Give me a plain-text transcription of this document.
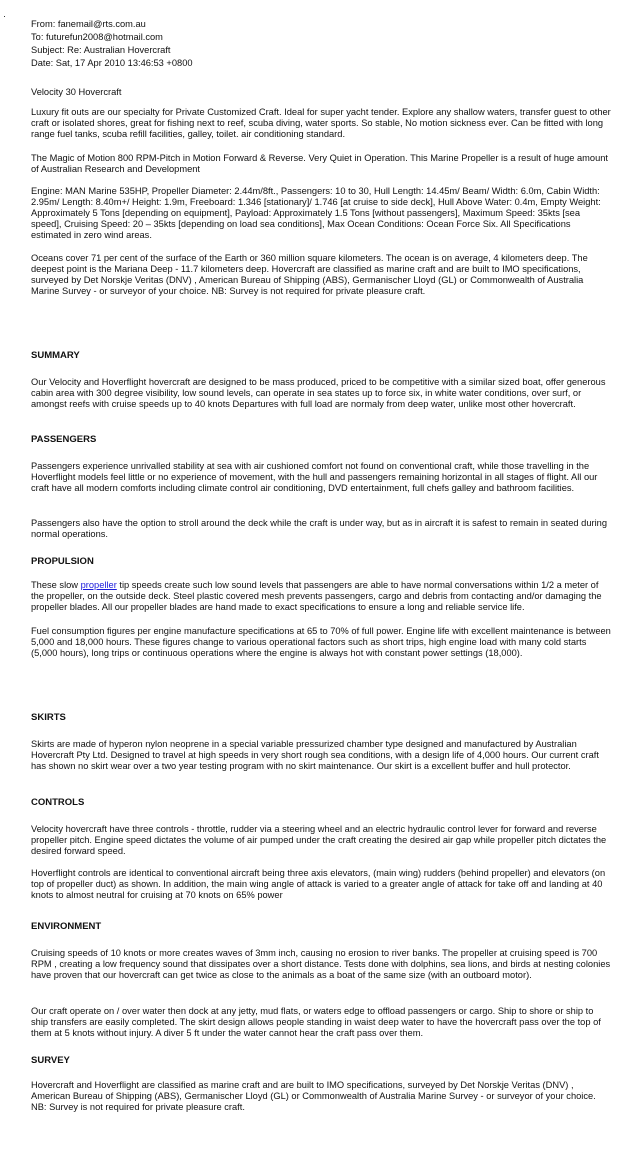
From: fanemail@rts.com.au
To: futurefun2008@hotmail.com
Subject: Re: Australian Hovercraft
Date: Sat, 17 Apr 2010 13:46:53 +0800

Velocity 30 Hovercraft

Luxury fit outs are our specialty for Private Customized Craft. Ideal for super yacht tender. Explore any shallow waters, transfer guest to other craft or isolated shores, great for fishing next to reef, scuba diving, water sports. So stable, No motion sickness ever. Can be fitted with long range fuel tanks, scuba refill facilities, galley, toilet. air conditioning standard.

The Magic of Motion 800 RPM-Pitch in Motion Forward & Reverse. Very Quiet in Operation. This Marine Propeller is a result of huge amount of Australian Research and Development

Engine: MAN Marine 535HP, Propeller Diameter: 2.44m/8ft., Passengers: 10 to 30, Hull Length: 14.45m/ Beam/ Width: 6.0m, Cabin Width: 2.95m/ Length: 8.40m+/ Height: 1.9m, Freeboard: 1.346 [stationary]/ 1.746 [at cruise to side deck], Hull Above Water: 0.4m, Empty Weight: Approximately 5 Tons [depending on equipment], Payload: Approximately 1.5 Tons [without passengers], Maximum Speed: 35kts [sea speed], Cruising Speed: 20 – 35kts [depending on load sea conditions], Max Ocean Conditions: Ocean Force Six. All Specifications estimated in zero wind areas.

Oceans cover 71 per cent of the surface of the Earth or 360 million square kilometers. The ocean is on average, 4 kilometers deep. The deepest point is the Mariana Deep - 11.7 kilometers deep. Hovercraft are classified as marine craft and are built to IMO specifications, surveyed by Det Norskje Veritas (DNV) , American Bureau of Shipping (ABS), Germanischer Lloyd (GL) or Commonwealth of Australia Marine Survey - or surveyor of your choice. NB: Survey is not required for private pleasure craft.

SUMMARY

Our Velocity and Hoverflight hovercraft are designed to be mass produced, priced to be competitive with a similar sized boat, offer generous cabin area with 300 degree visibility, low sound levels, can operate in sea states up to force six, in white water conditions, over surf, or amongst reefs with cruise speeds up to 40 knots Departures with full load are normaly from deep water, unlike most other hovercraft.

PASSENGERS

Passengers experience unrivalled stability at sea with air cushioned comfort not found on conventional craft, while those travelling in the Hoverflight models feel little or no experience of movement, with the hull and passengers remaining horizontal in all stages of flight. All our craft have all modern comforts including climate control air conditioning, DVD entertainment, full chefs galley and bathroom facilities.

Passengers also have the option to stroll around the deck while the craft is under way, but as in aircraft it is safest to remain in seated during normal operations.

PROPULSION

These slow propeller tip speeds create such low sound levels that passengers are able to have normal conversations within 1/2 a meter of the propeller, on the outside deck. Steel plastic covered mesh prevents passengers, cargo and debris from contacting and/or damaging the propeller blades. All our propeller blades are hand made to exact specifications to ensure a long and reliable service life.

Fuel consumption figures per engine manufacture specifications at 65 to 70% of full power. Engine life with excellent maintenance is between 5,000 and 18,000 hours. These figures change to various operational factors such as short trips, high engine load with many cold starts (5,000 hours), long trips or continuous operations where the engine is always hot with constant power settings (18,000).

SKIRTS

Skirts are made of hyperon nylon neoprene in a special variable pressurized chamber type designed and manufactured by Australian Hovercraft Pty Ltd. Designed to travel at high speeds in very short rough sea conditions, with a design life of 4,000 hours. Our current craft has shown no skirt wear over a two year testing program with no skirt maintenance. Our skirt is a excellent buffer and hull protector.

CONTROLS

Velocity hovercraft have three controls - throttle, rudder via a steering wheel and an electric hydraulic control lever for forward and reverse propeller pitch. Engine speed dictates the volume of air pumped under the craft creating the desired air gap while propeller pitch dictates the desired forward speed.

Hoverflight controls are identical to conventional aircraft being three axis elevators, (main wing) rudders (behind propeller) and elevators (on top of propeller duct) as shown. In addition, the main wing angle of attack is varied to a greater angle of attack for take off and landing at 40 knots to almost neutral for cruising at 70 knots on 65% power

ENVIRONMENT

Cruising speeds of 10 knots or more creates waves of 3mm inch, causing no erosion to river banks. The propeller at cruising speed is 700 RPM , creating a low frequency sound that dissipates over a short distance. Tests done with dolphins, sea lions, and birds at nesting colonies have proven that our hovercraft can get twice as close to the animals as a boat of the same size (with an outboard motor).

Our craft operate on / over water then dock at any jetty, mud flats, or waters edge to offload passengers or cargo. Ship to shore or ship to ship transfers are easily completed. The skirt design allows people standing in waist deep water to have the hovercraft pass over the top of them at 5 knots without injury. A diver 5 ft under the water cannot hear the craft pass over them.

SURVEY

Hovercraft and Hoverflight are classified as marine craft and are built to IMO specifications, surveyed by Det Norskje Veritas (DNV) , American Bureau of Shipping (ABS), Germanischer Lloyd (GL) or Commonwealth of Australia Marine Survey - or surveyor of your choice. NB: Survey is not required for private pleasure craft.
